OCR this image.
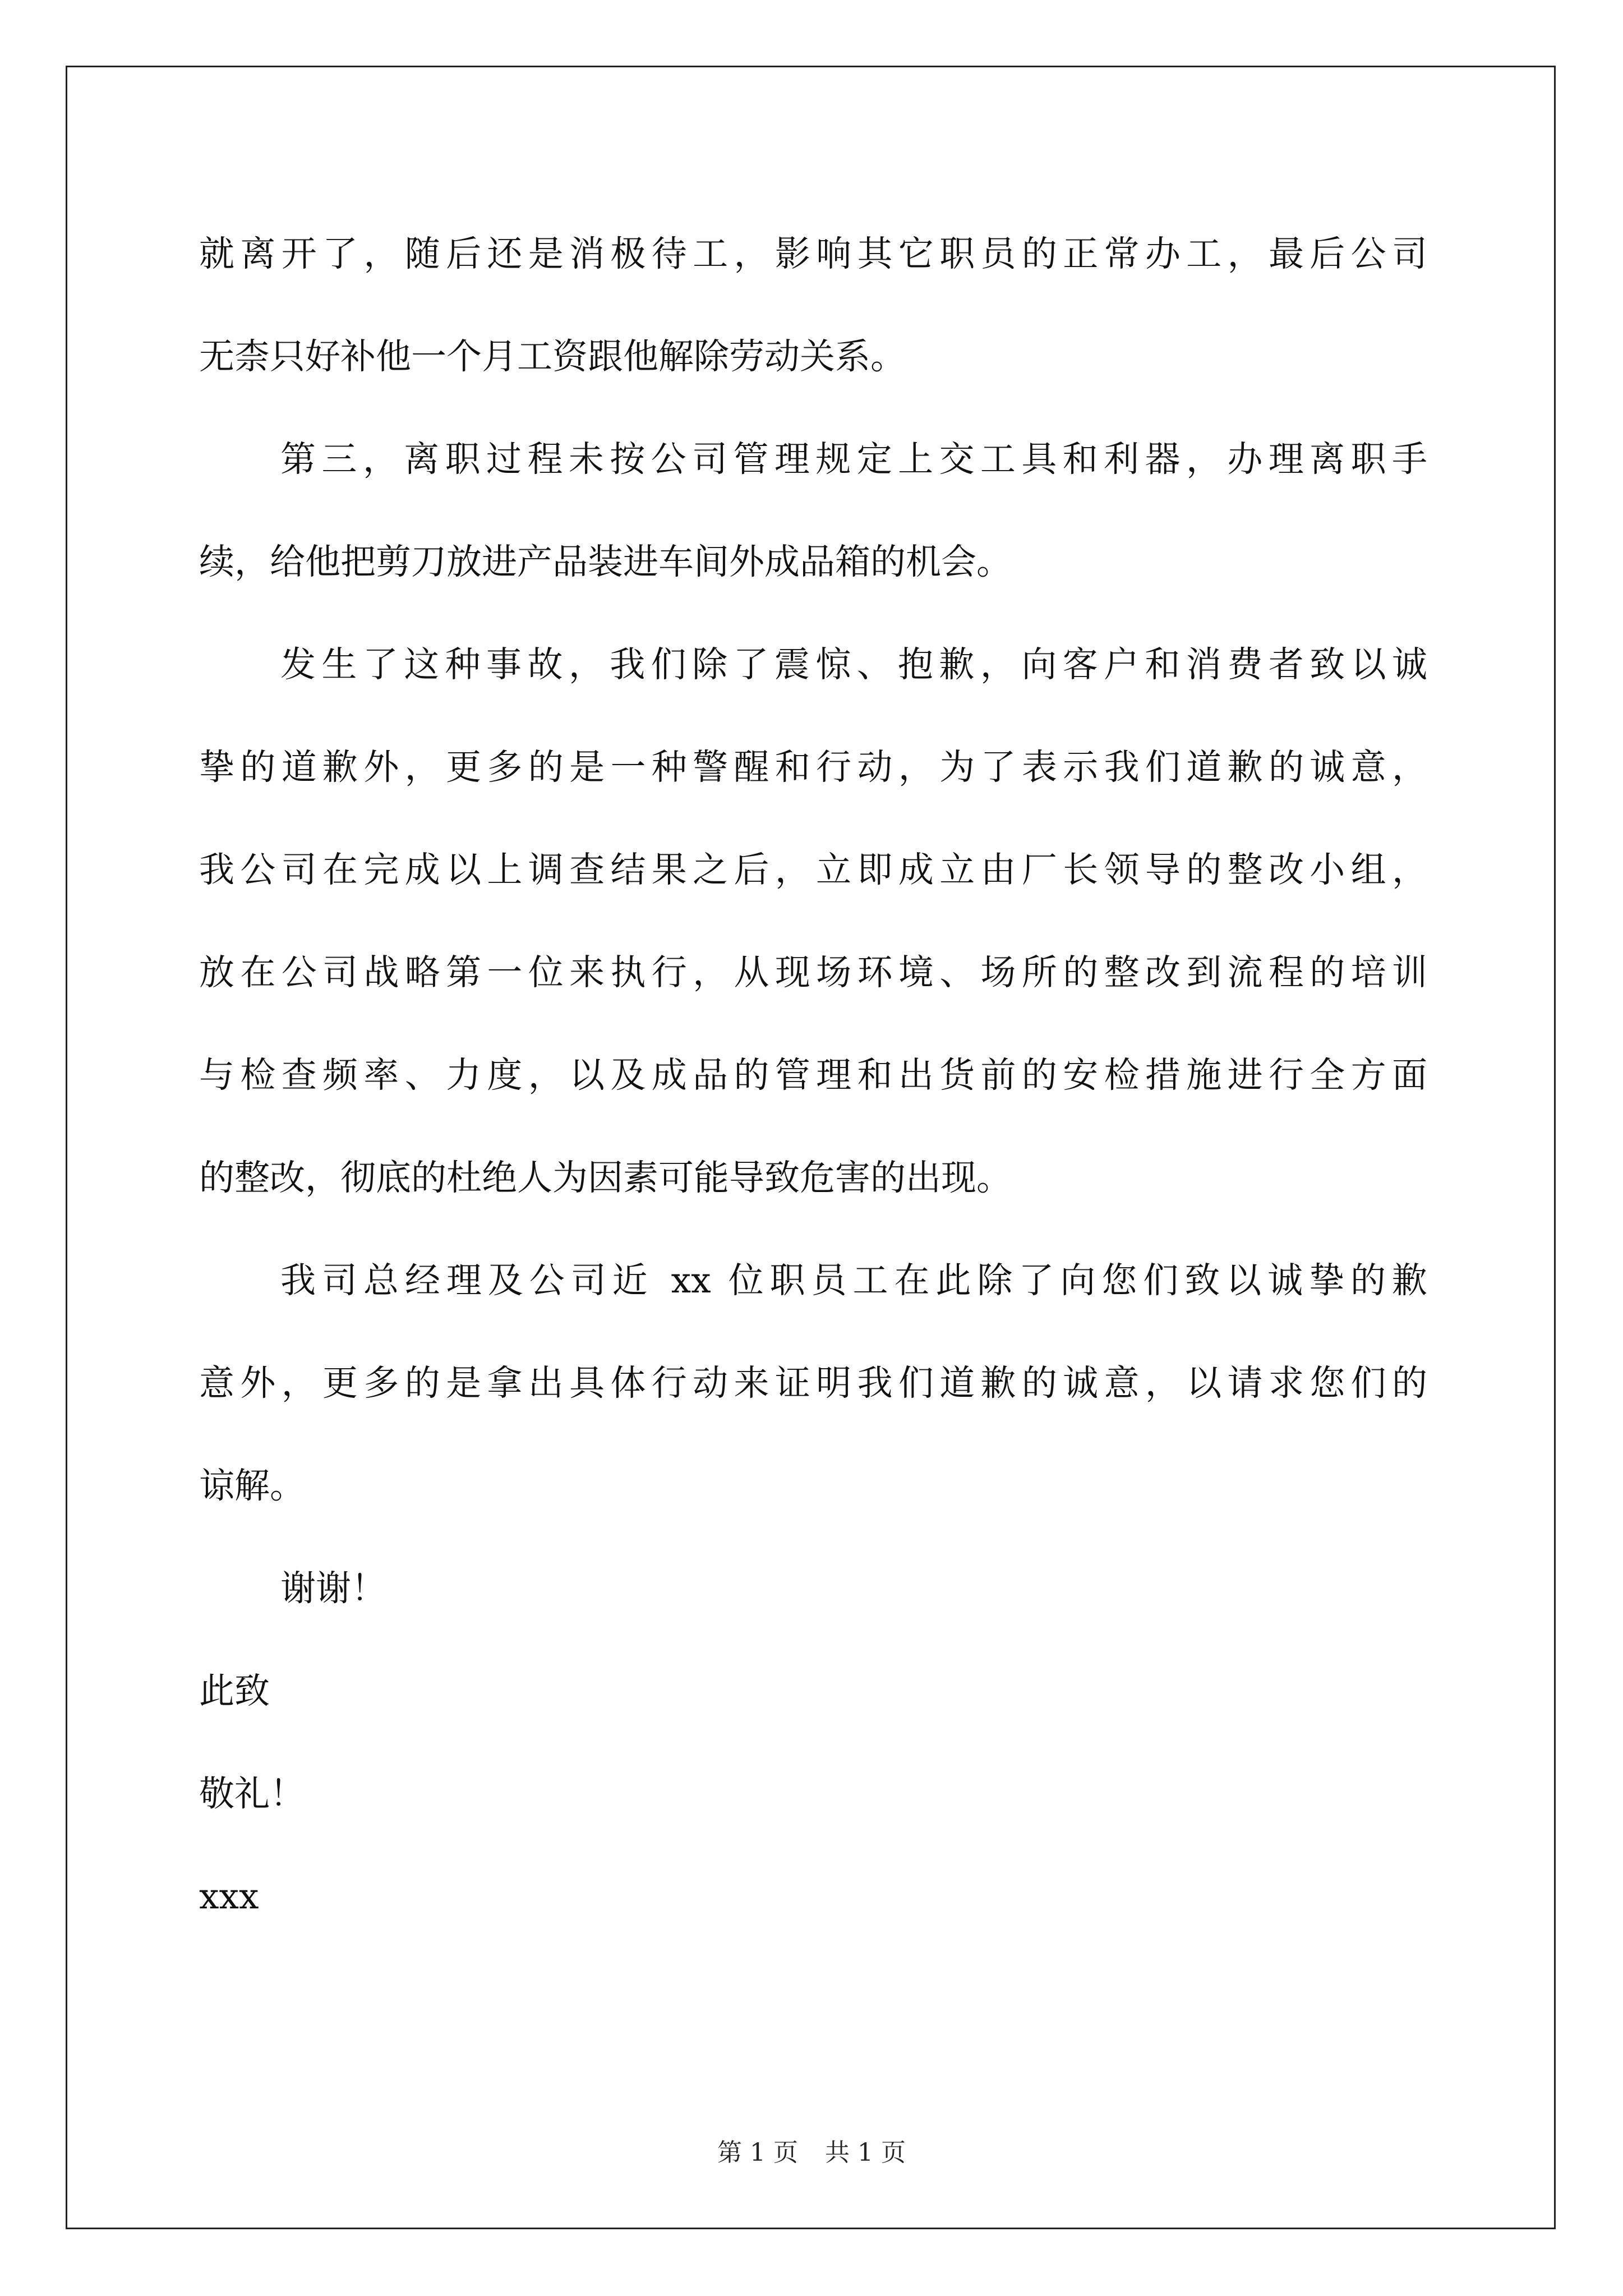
就离开了，随后还是消极待工，影响其它职员的正常办工，最后公司
无柰只好补他一个月工资跟他解除劳动关系。
第三，离职过程未按公司管理规定上交工具和利器，办理离职手
续，给他把剪刀放进产品装进车间外成品箱的机会。
发生了这种事故，我们除了震惊、抱歉，向客户和消费者致以诚
挚的道歉外，更多的是一种警醒和行动，为了表示我们道歉的诚意，
我公司在完成以上调查结果之后，立即成立由厂长领导的整改小组，
放在公司战略第一位来执行，从现场环境、场所的整改到流程的培训
与检查频率、力度，以及成品的管理和出货前的安检措施进行全方面
的整改，彻底的杜绝人为因素可能导致危害的出现。
我司总经理及公司近 xx 位职员工在此除了向您们致以诚挚的歉
意外，更多的是拿出具体行动来证明我们道歉的诚意，以请求您们的
谅解。
谢谢！
此致
敬礼！
xxx
第 1 页 共 1 页
